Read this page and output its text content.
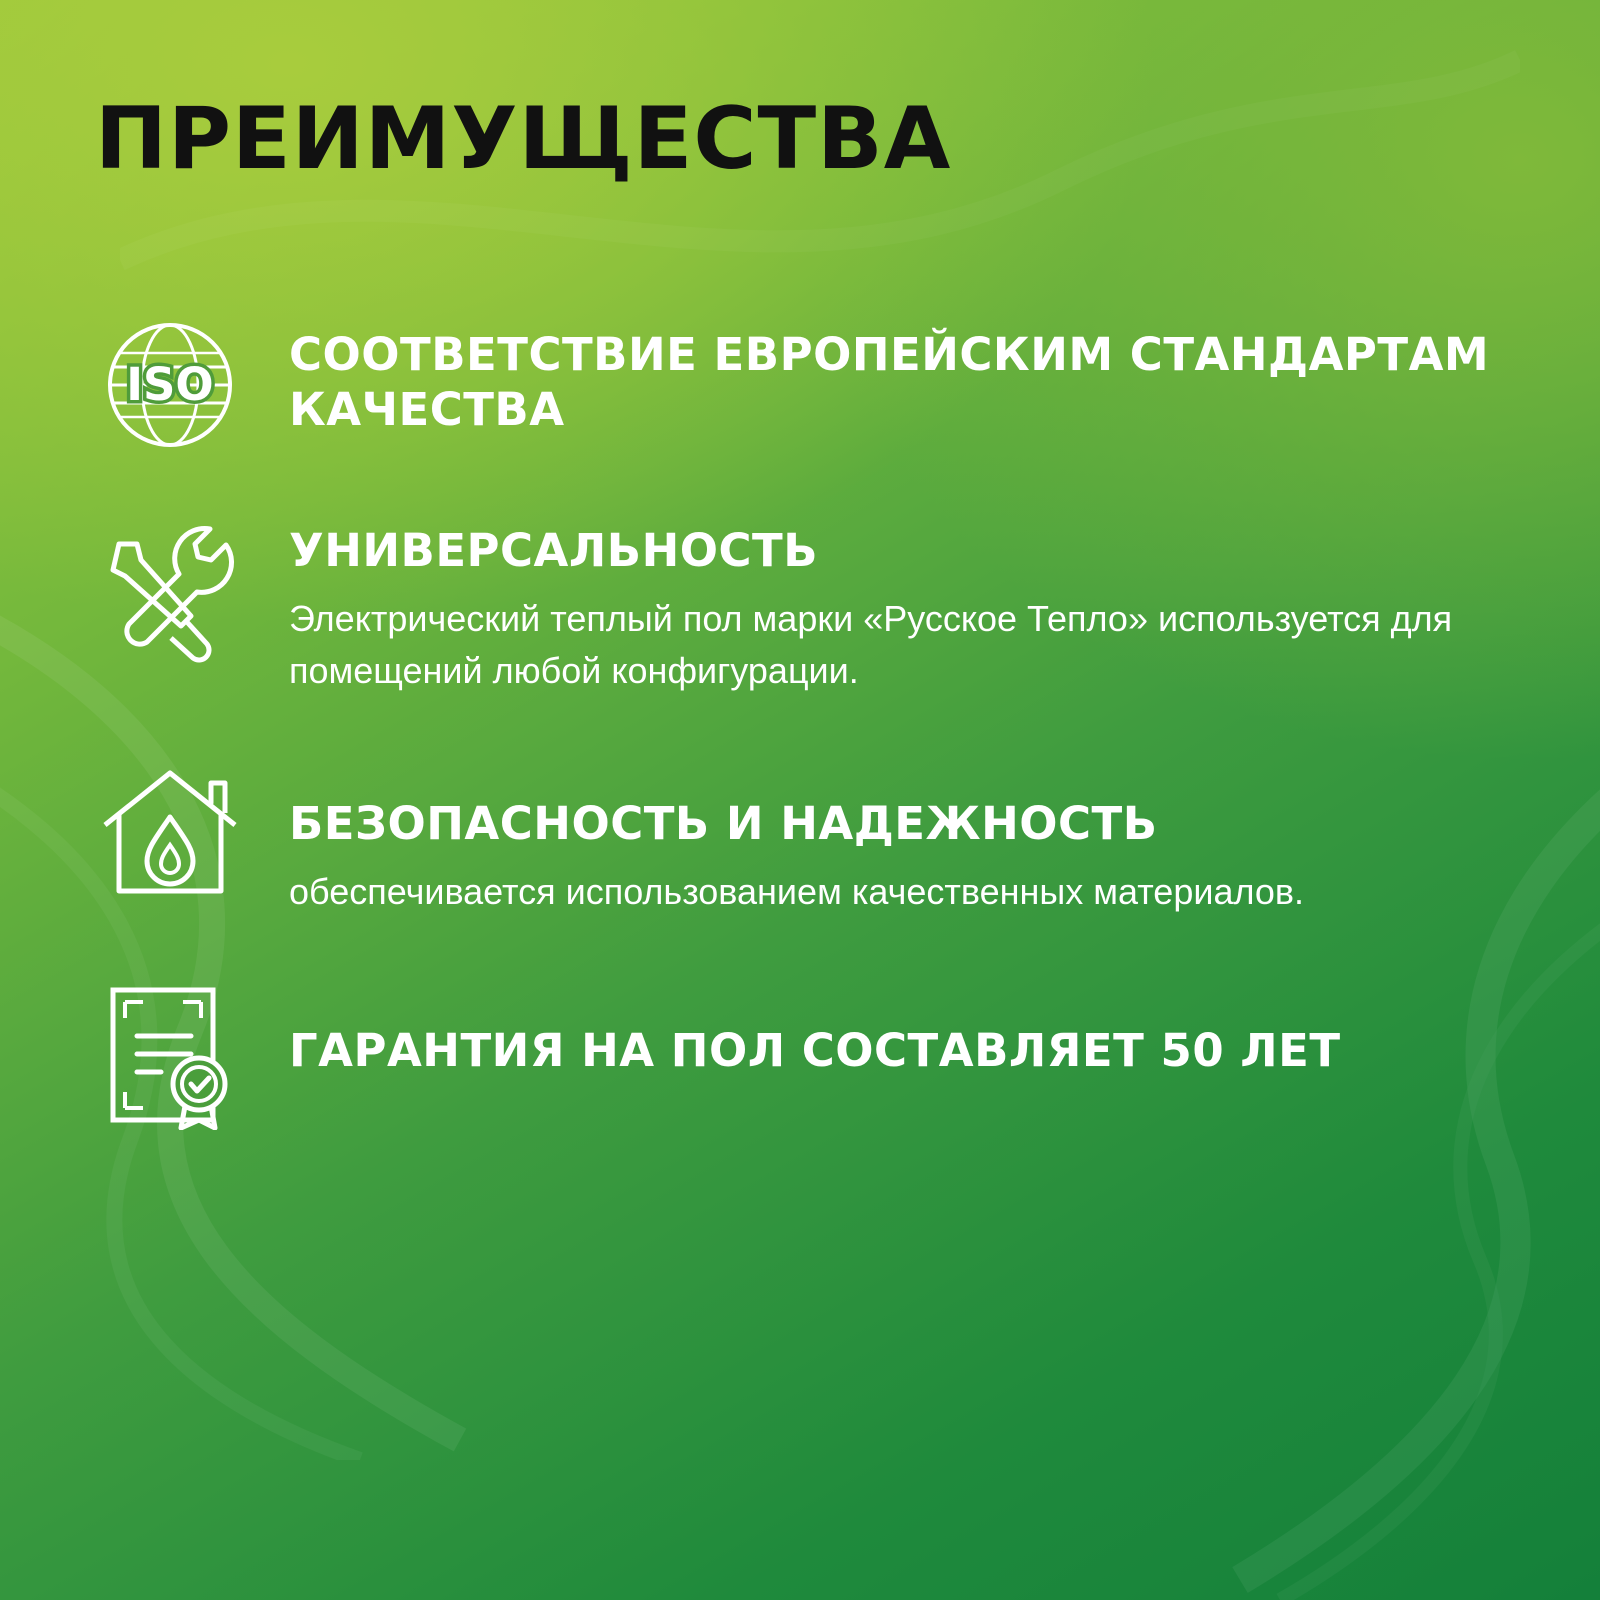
ПРЕИМУЩЕСТВА
ISO
СООТВЕТСТВИЕ ЕВРОПЕЙСКИМ СТАНДАРТАМ КАЧЕСТВА
УНИВЕРСАЛЬНОСТЬ
Электрический теплый пол марки «Русское Тепло» используется для помещений любой конфигурации.
БЕЗОПАСНОСТЬ И НАДЕЖНОСТЬ
обеспечивается использованием качественных материалов.
ГАРАНТИЯ НА ПОЛ СОСТАВЛЯЕТ 50 ЛЕТ
